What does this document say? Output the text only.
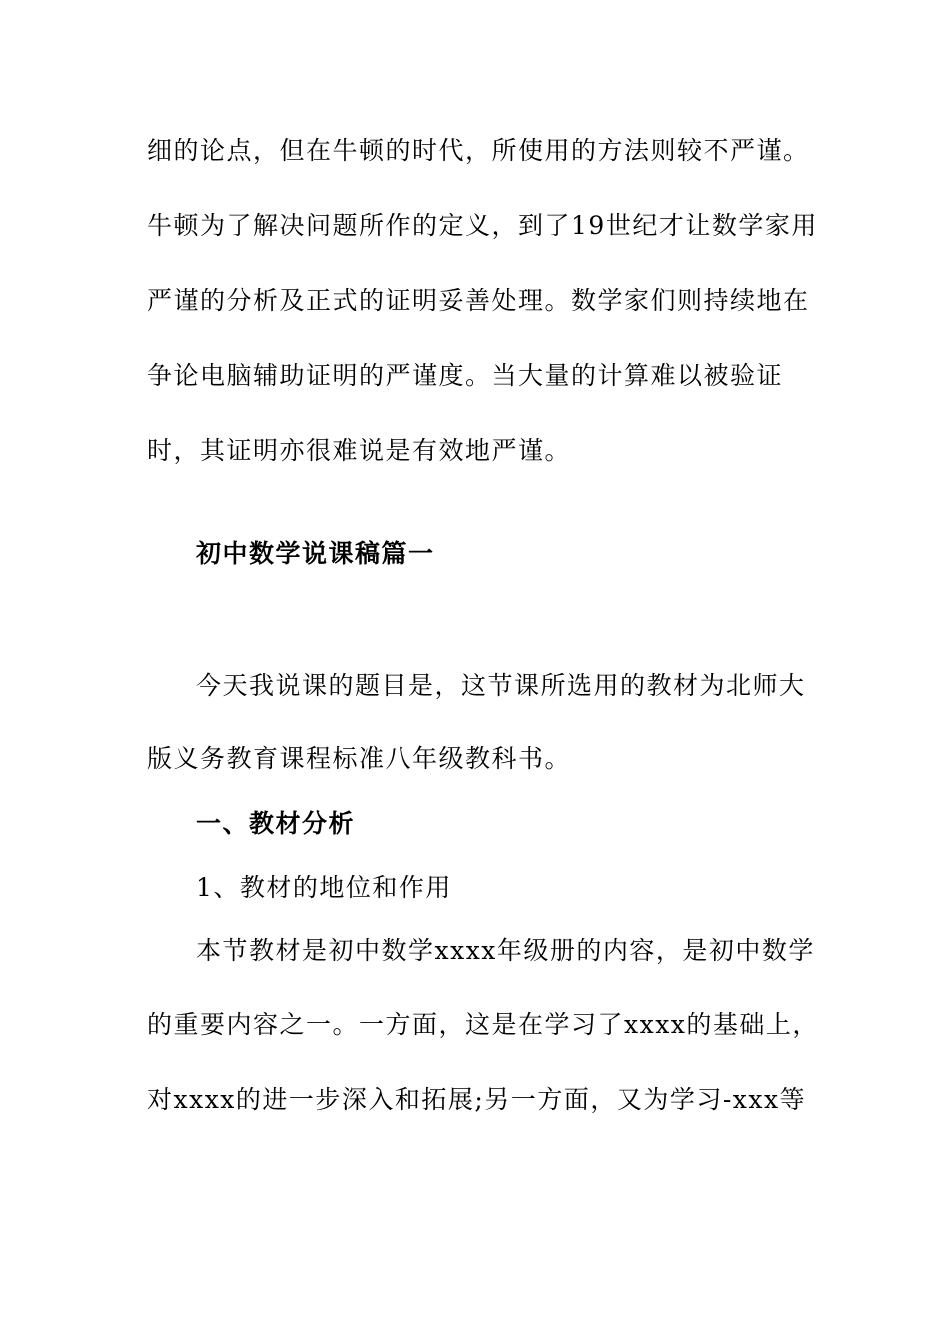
细的论点，但在牛顿的时代，所使用的方法则较不严谨。
牛顿为了解决问题所作的定义，到了19世纪才让数学家用
严谨的分析及正式的证明妥善处理。数学家们则持续地在
争论电脑辅助证明的严谨度。当大量的计算难以被验证
时，其证明亦很难说是有效地严谨。
初中数学说课稿篇一
今天我说课的题目是，这节课所选用的教材为北师大
版义务教育课程标准八年级教科书。
一、教材分析
1、教材的地位和作用
本节教材是初中数学xxxx年级册的内容，是初中数学
的重要内容之一。一方面，这是在学习了xxxx的基础上，
对xxxx的进一步深入和拓展;另一方面，又为学习-xxx等
